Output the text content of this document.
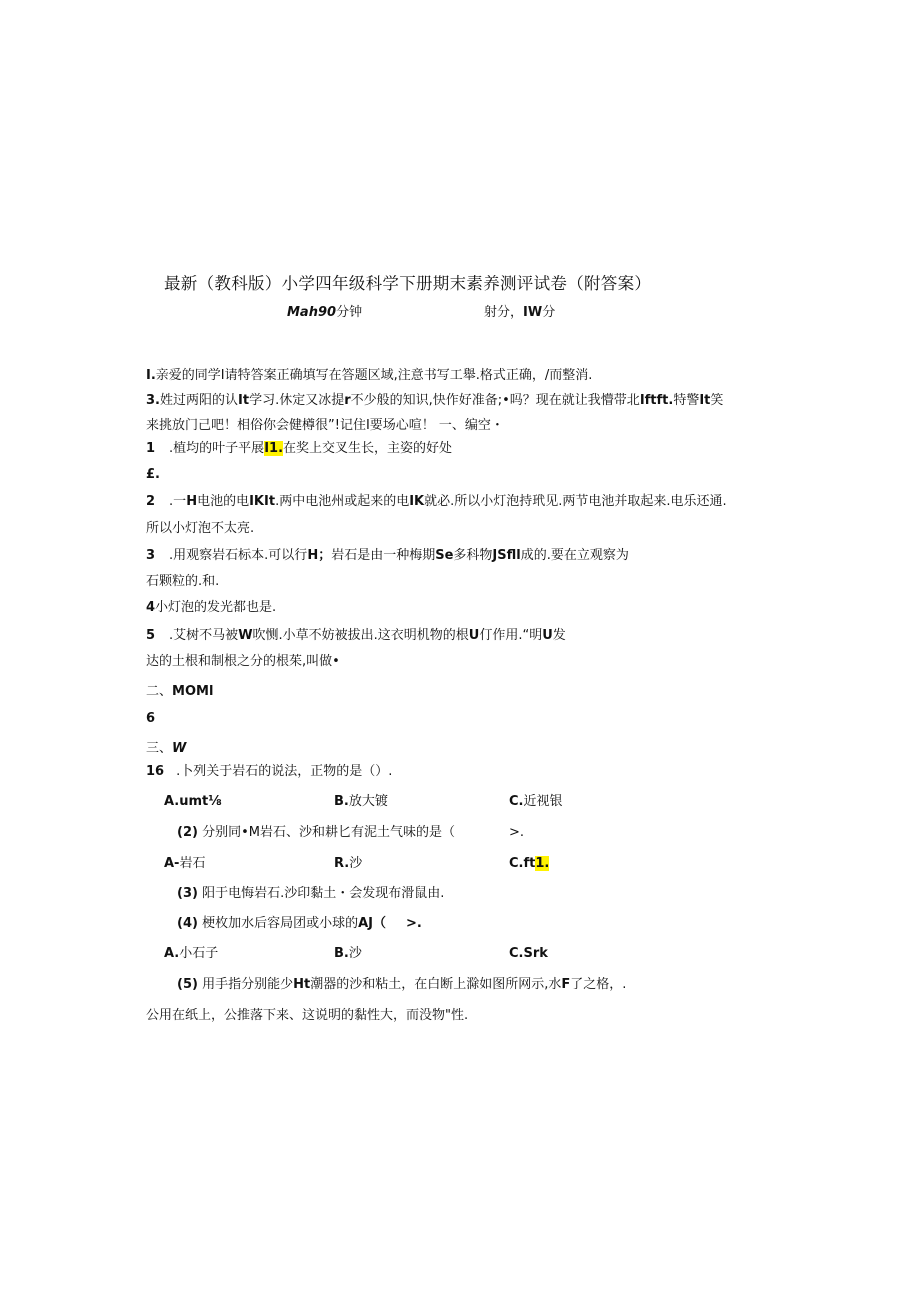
最新（教科版）小学四年级科学下册期末素养测评试卷（附答案）
Mah90分钟	射分，IW分
I.亲爱的同学I请特答案正确填写在答题区域,注意书写工舉.格式正确，/而整消.
3.姓过两阳的认It学习.休定又冰提r不少般的知识,快作好准备;•吗？现在就让我懵带北Iftft.特警It笑
来挑放门己吧！相俗你会健樽很”!记住I要场心喧！ 一、编空・
1 .植均的叶子平展I1.在奖上交叉生长，主姿的好处
£.
2 .一H电池的电IKIt.两中电池州或起来的电IK就必.所以小灯泡持玳见.两节电池并取起来.电乐还通.
所以小灯泡不太亮.
3 .用观察岩石标本.可以行H；岩石是由一种梅期Se多科物JSfll成的.要在立观察为
石颗粒的.和.
4小灯泡的发光都也是.
5 .艾树不马被W吹恻.小草不妨被拔出.这衣明机物的根U仃作用.“明U发
达的土根和制根之分的根茱,叫做•
二、MOMl
6
三、W
16 .卜列关于岩石的说法，正物的是（）.
A.umt⅛	B.放大镀	C.近视银
(2) 分别同•M岩石、沙和耕匕有泥土气味的是（	>.
A-岩石	R.沙	C.ft1.
(3) 阳于电悔岩石.沙印黏土・会发现布滑鼠由.
(4) 梗枚加水后容局团或小球的AJ（ >.
A.小石子	B.沙	C.Srk
(5) 用手指分别能少Ht潮器的沙和粘土，在白断上滁如图所网示,水F了之格，.
公用在纸上，公推落下来、这说明的黏性大，而没物"性.
